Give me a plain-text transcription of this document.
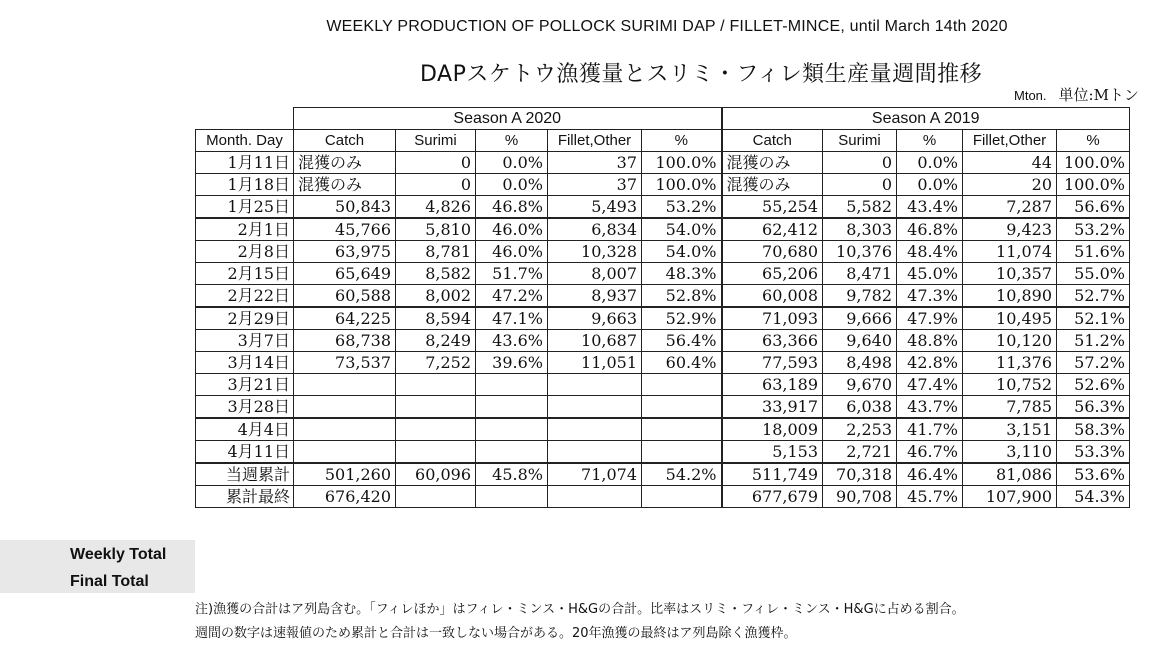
WEEKLY PRODUCTION OF POLLOCK SURIMI DAP / FILLET-MINCE, until March 14th 2020
DAPスケトウ漁獲量とスリミ・フィレ類生産量週間推移
Mton. 単位:Mトン
Weekly Total
Final Total
	Season A 2020					Season A 2019				
Month. Day	Catch	Surimi	%	Fillet,Other	%	Catch	Surimi	%	Fillet,Other	%
1月11日	混獲のみ	0	0.0%	37	100.0%	混獲のみ	0	0.0%	44	100.0%
1月18日	混獲のみ	0	0.0%	37	100.0%	混獲のみ	0	0.0%	20	100.0%
1月25日	50,843	4,826	46.8%	5,493	53.2%	55,254	5,582	43.4%	7,287	56.6%
2月1日	45,766	5,810	46.0%	6,834	54.0%	62,412	8,303	46.8%	9,423	53.2%
2月8日	63,975	8,781	46.0%	10,328	54.0%	70,680	10,376	48.4%	11,074	51.6%
2月15日	65,649	8,582	51.7%	8,007	48.3%	65,206	8,471	45.0%	10,357	55.0%
2月22日	60,588	8,002	47.2%	8,937	52.8%	60,008	9,782	47.3%	10,890	52.7%
2月29日	64,225	8,594	47.1%	9,663	52.9%	71,093	9,666	47.9%	10,495	52.1%
3月7日	68,738	8,249	43.6%	10,687	56.4%	63,366	9,640	48.8%	10,120	51.2%
3月14日	73,537	7,252	39.6%	11,051	60.4%	77,593	8,498	42.8%	11,376	57.2%
3月21日						63,189	9,670	47.4%	10,752	52.6%
3月28日						33,917	6,038	43.7%	7,785	56.3%
4月4日						18,009	2,253	41.7%	3,151	58.3%
4月11日						5,153	2,721	46.7%	3,110	53.3%
当週累計	501,260	60,096	45.8%	71,074	54.2%	511,749	70,318	46.4%	81,086	53.6%
累計最終	676,420					677,679	90,708	45.7%	107,900	54.3%
注)漁獲の合計はア列島含む。「フィレほか」はフィレ・ミンス・H&Gの合計。比率はスリミ・フィレ・ミンス・H&Gに占める割合。
週間の数字は速報値のため累計と合計は一致しない場合がある。20年漁獲の最終はア列島除く漁獲枠。
